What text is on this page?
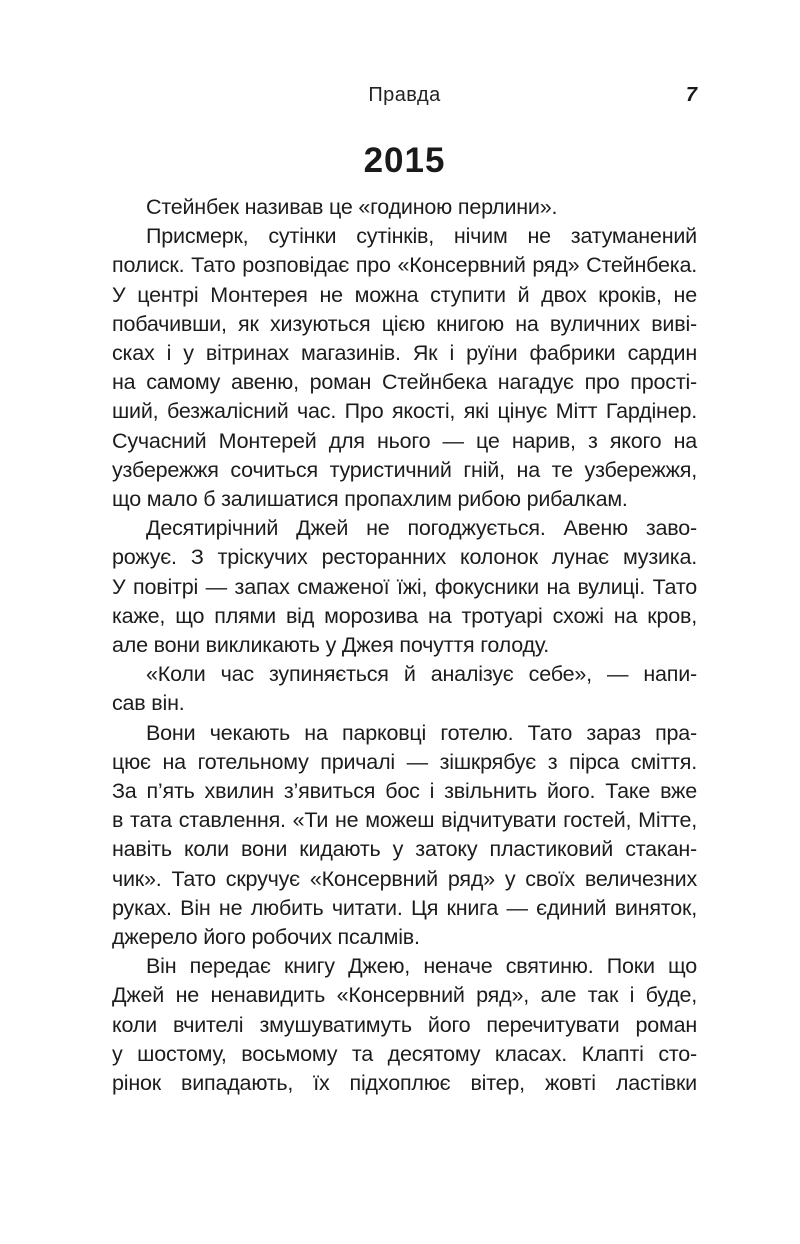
Правда	7
2015
Стейнбек називав це «годиною перлини».
Присмерк, сутінки сутінків, нічим не затуманений
полиск. Тато розповідає про «Консервний ряд» Стейнбека.
У центрі Монтерея не можна ступити й двох кроків, не
побачивши, як хизуються цією книгою на вуличних виві-
сках і у вітринах магазинів. Як і руїни фабрики сардин
на самому авеню, роман Стейнбека нагадує про прості-
ший, безжалісний час. Про якості, які цінує Мітт Гардінер.
Сучасний Монтерей для нього — це нарив, з якого на
узбережжя сочиться туристичний гній, на те узбережжя,
що мало б залишатися пропахлим рибою рибалкам.
Десятирічний Джей не погоджується. Авеню заво-
рожує. З тріскучих ресторанних колонок лунає музика.
У повітрі — запах смаженої їжі, фокусники на вулиці. Тато
каже, що плями від морозива на тротуарі схожі на кров,
але вони викликають у Джея почуття голоду.
«Коли час зупиняється й аналізує себе», — напи-
сав він.
Вони чекають на парковці готелю. Тато зараз пра-
цює на готельному причалі — зішкрябує з пірса сміття.
За п’ять хвилин з’явиться бос і звільнить його. Таке вже
в тата ставлення. «Ти не можеш відчитувати гостей, Мітте,
навіть коли вони кидають у затоку пластиковий стакан-
чик». Тато скручує «Консервний ряд» у своїх величезних
руках. Він не любить читати. Ця книга — єдиний виняток,
джерело його робочих псалмів.
Він передає книгу Джею, неначе святиню. Поки що
Джей не ненавидить «Консервний ряд», але так і буде,
коли вчителі змушуватимуть його перечитувати роман
у шостому, восьмому та десятому класах. Клапті сто-
рінок випадають, їх підхоплює вітер, жовті ластівки
